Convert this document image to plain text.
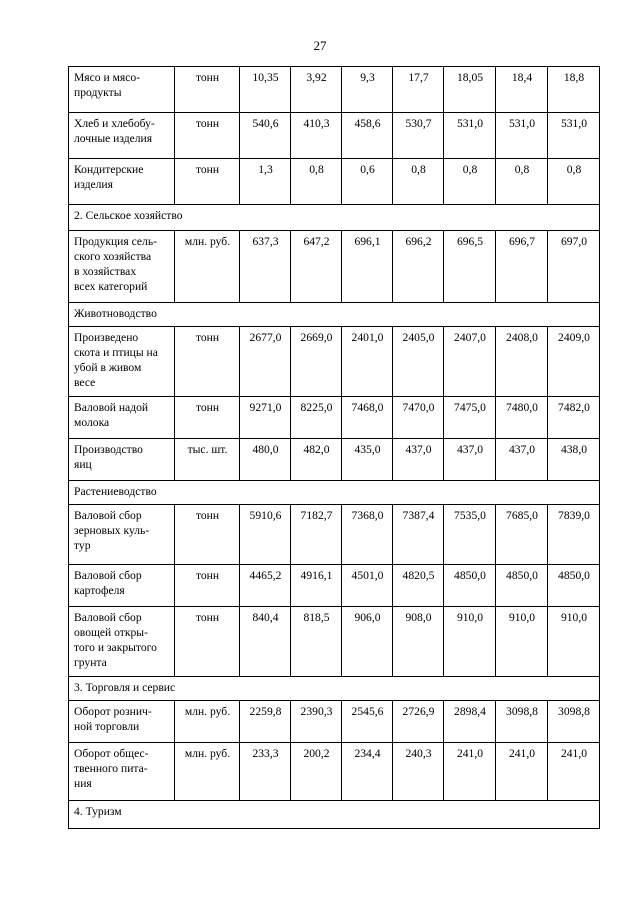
27
Мясо и мясо-
продукты	тонн	10,35	3,92	9,3	17,7	18,05	18,4	18,8

Хлеб и хлебобу-
лочные изделия	тонн	540,6	410,3	458,6	530,7	531,0	531,0	531,0

Кондитерские
изделия	тонн	1,3	0,8	0,6	0,8	0,8	0,8	0,8
2. Сельское хозяйство								

Продукция сель-
ского хозяйства
в хозяйствах
всех категорий	млн. руб.	637,3	647,2	696,1	696,2	696,5	696,7	697,0
Животноводство								

Произведено
скота и птицы на
убой в живом
весе	тонн	2677,0	2669,0	2401,0	2405,0	2407,0	2408,0	2409,0

Валовой надой
молока	тонн	9271,0	8225,0	7468,0	7470,0	7475,0	7480,0	7482,0

Производство
яиц	тыс. шт.	480,0	482,0	435,0	437,0	437,0	437,0	438,0
Растениеводство								

Валовой сбор
зерновых куль-
тур	тонн	5910,6	7182,7	7368,0	7387,4	7535,0	7685,0	7839,0

Валовой сбор
картофеля	тонн	4465,2	4916,1	4501,0	4820,5	4850,0	4850,0	4850,0

Валовой сбор
овощей откры-
того и закрытого
грунта	тонн	840,4	818,5	906,0	908,0	910,0	910,0	910,0
3. Торговля и сервис								

Оборот рознич-
ной торговли	млн. руб.	2259,8	2390,3	2545,6	2726,9	2898,4	3098,8	3098,8

Оборот общес-
твенного пита-
ния	млн. руб.	233,3	200,2	234,4	240,3	241,0	241,0	241,0
4. Туризм								
